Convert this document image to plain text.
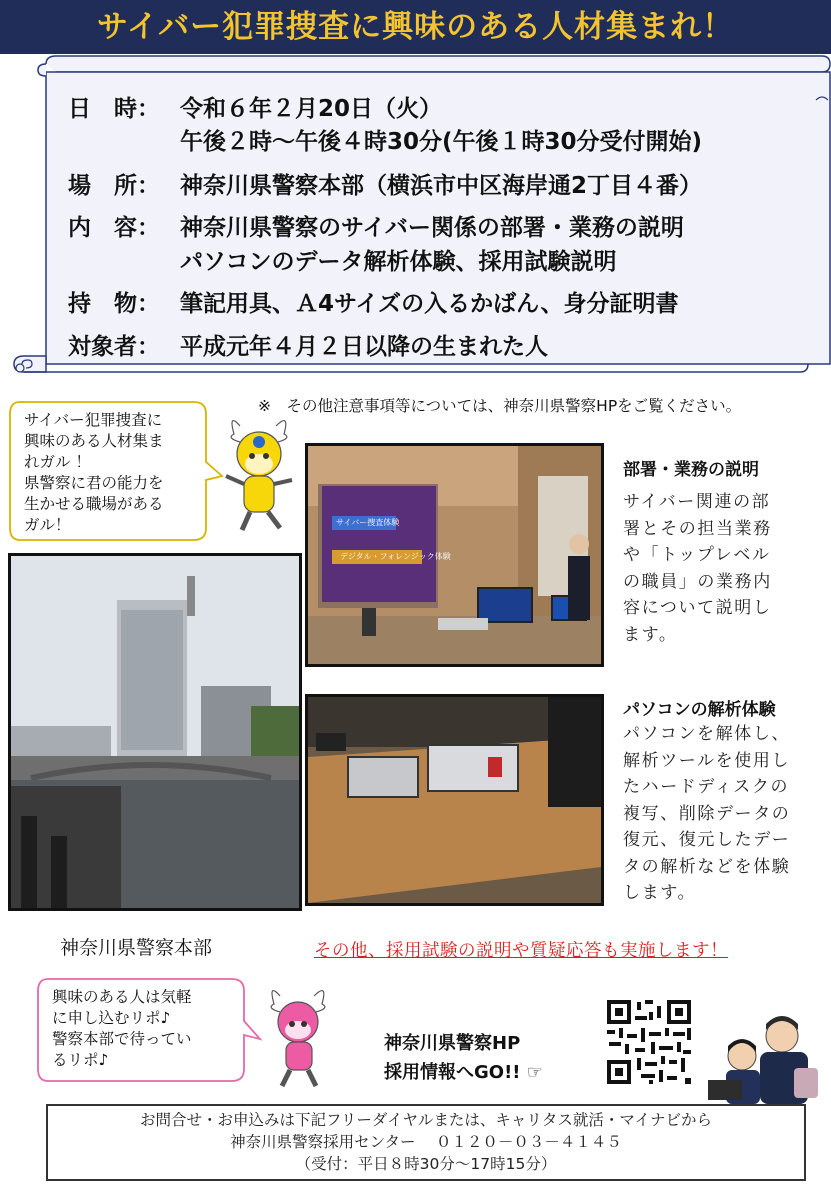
サイバー犯罪捜査に興味のある人材集まれ！
日　時： 令和６年２月20日（火）
午後２時～午後４時30分(午後１時30分受付開始)
場　所： 神奈川県警察本部（横浜市中区海岸通2丁目４番）
内　容： 神奈川県警察のサイバー関係の部署・業務の説明
パソコンのデータ解析体験、採用試験説明
持　物： 筆記用具、Ａ4サイズの入るかばん、身分証明書
対象者： 平成元年４月２日以降の生まれた人
※　その他注意事項等については、神奈川県警察HPをご覧ください。
サイバー犯罪捜査に
興味のある人材集ま
れガル ！
県警察に君の能力を
生かせる職場がある
ガル！	サイバー捜査体験
デジタル・フォレンジック体験
部署・業務の説明
サイバー関連の部
署とその担当業務
や「トップレベル
の職員」の業務内
容について説明し
ます。
パソコンの解析体験
パソコンを解体し、
解析ツールを使用し
たハードディスクの
複写、削除データの
復元、復元したデー
タの解析などを体験
します。
神奈川県警察本部	その他、採用試験の説明や質疑応答も実施します！
興味のある人は気軽
に申し込むリポ♪
警察本部で待ってい
るリポ♪
神奈川県警察HP
採用情報へGO!! ☞
お問合せ・お申込みは下記フリーダイヤルまたは、キャリタス就活・マイナビから
神奈川県警察採用センター　 ０１２０－０３－４１４５
（受付：平日８時30分～17時15分）
